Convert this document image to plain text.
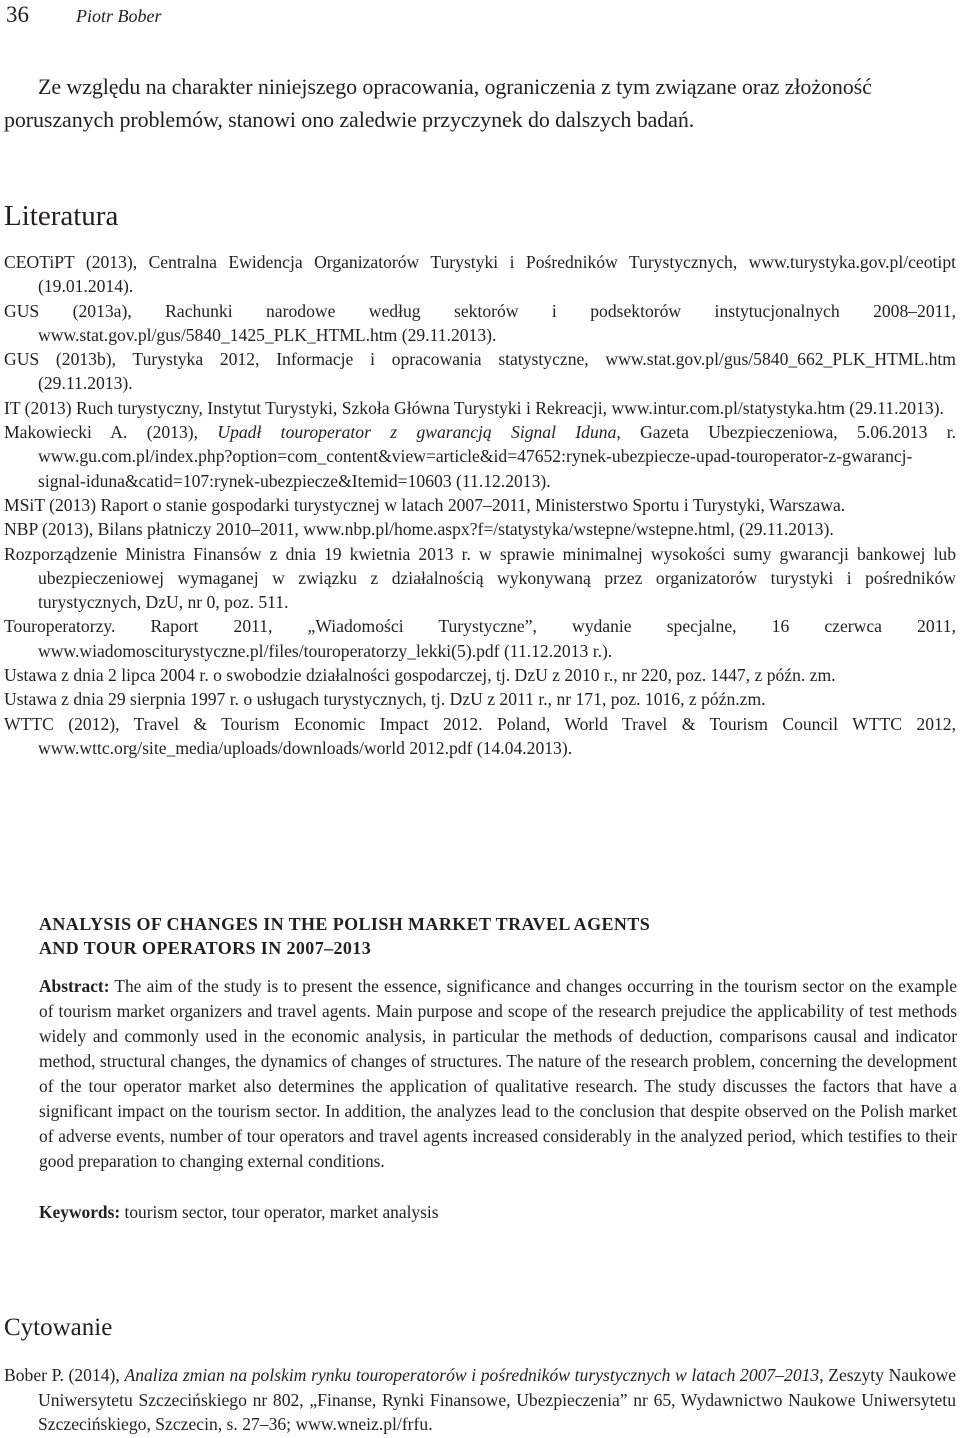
36	Piotr Bober
Ze względu na charakter niniejszego opracowania, ograniczenia z tym związane oraz złożoność poruszanych problemów, stanowi ono zaledwie przyczynek do dalszych badań.
Literatura
CEOTiPT (2013), Centralna Ewidencja Organizatorów Turystyki i Pośredników Turystycznych, www.turystyka.gov.pl/ceotipt (19.01.2014).
GUS (2013a), Rachunki narodowe według sektorów i podsektorów instytucjonalnych 2008–2011, www.stat.gov.pl/gus/5840_1425_PLK_HTML.htm (29.11.2013).
GUS (2013b), Turystyka 2012, Informacje i opracowania statystyczne, www.stat.gov.pl/gus/5840_662_PLK_HTML.htm (29.11.2013).
IT (2013) Ruch turystyczny, Instytut Turystyki, Szkoła Główna Turystyki i Rekreacji, www.intur.com.pl/statystyka.htm (29.11.2013).
Makowiecki A. (2013), Upadł touroperator z gwarancją Signal Iduna, Gazeta Ubezpieczeniowa, 5.06.2013 r. www.gu.com.pl/index.php?option=com_content&view=article&id=47652:rynek-ubezpiecze-upad-touroperator-z-gwarancj-signal-iduna&catid=107:rynek-ubezpiecze&Itemid=10603 (11.12.2013).
MSiT (2013) Raport o stanie gospodarki turystycznej w latach 2007–2011, Ministerstwo Sportu i Turystyki, Warszawa.
NBP (2013), Bilans płatniczy 2010–2011, www.nbp.pl/home.aspx?f=/statystyka/wstepne/wstepne.html, (29.11.2013).
Rozporządzenie Ministra Finansów z dnia 19 kwietnia 2013 r. w sprawie minimalnej wysokości sumy gwarancji bankowej lub ubezpieczeniowej wymaganej w związku z działalnością wykonywaną przez organizatorów turystyki i pośredników turystycznych, DzU, nr 0, poz. 511.
Touroperatorzy. Raport 2011, „Wiadomości Turystyczne”, wydanie specjalne, 16 czerwca 2011, www.wiadomosciturystyczne.pl/files/touroperatorzy_lekki(5).pdf (11.12.2013 r.).
Ustawa z dnia 2 lipca 2004 r. o swobodzie działalności gospodarczej, tj. DzU z 2010 r., nr 220, poz. 1447, z późn. zm.
Ustawa z dnia 29 sierpnia 1997 r. o usługach turystycznych, tj. DzU z 2011 r., nr 171, poz. 1016, z późn.zm.
WTTC (2012), Travel & Tourism Economic Impact 2012. Poland, World Travel & Tourism Council WTTC 2012, www.wttc.org/site_media/uploads/downloads/world 2012.pdf (14.04.2013).
ANALYSIS OF CHANGES IN THE POLISH MARKET TRAVEL AGENTS
AND TOUR OPERATORS IN 2007–2013
Abstract: The aim of the study is to present the essence, significance and changes occurring in the tourism sector on the example of tourism market organizers and travel agents. Main purpose and scope of the research prejudice the applicability of test methods widely and commonly used in the economic analysis, in particular the methods of deduction, comparisons causal and indicator method, structural changes, the dynamics of changes of structures. The nature of the research problem, concerning the development of the tour operator market also determines the application of qualitative research. The study discusses the factors that have a significant impact on the tourism sector. In addition, the analyzes lead to the conclusion that despite observed on the Polish market of adverse events, number of tour operators and travel agents increased considerably in the analyzed period, which testifies to their good preparation to changing external conditions.
Keywords: tourism sector, tour operator, market analysis
Cytowanie
Bober P. (2014), Analiza zmian na polskim rynku touroperatorów i pośredników turystycznych w latach 2007–2013, Zeszyty Naukowe Uniwersytetu Szczecińskiego nr 802, „Finanse, Rynki Finansowe, Ubezpieczenia” nr 65, Wydawnictwo Naukowe Uniwersytetu Szczecińskiego, Szczecin, s. 27–36; www.wneiz.pl/frfu.
